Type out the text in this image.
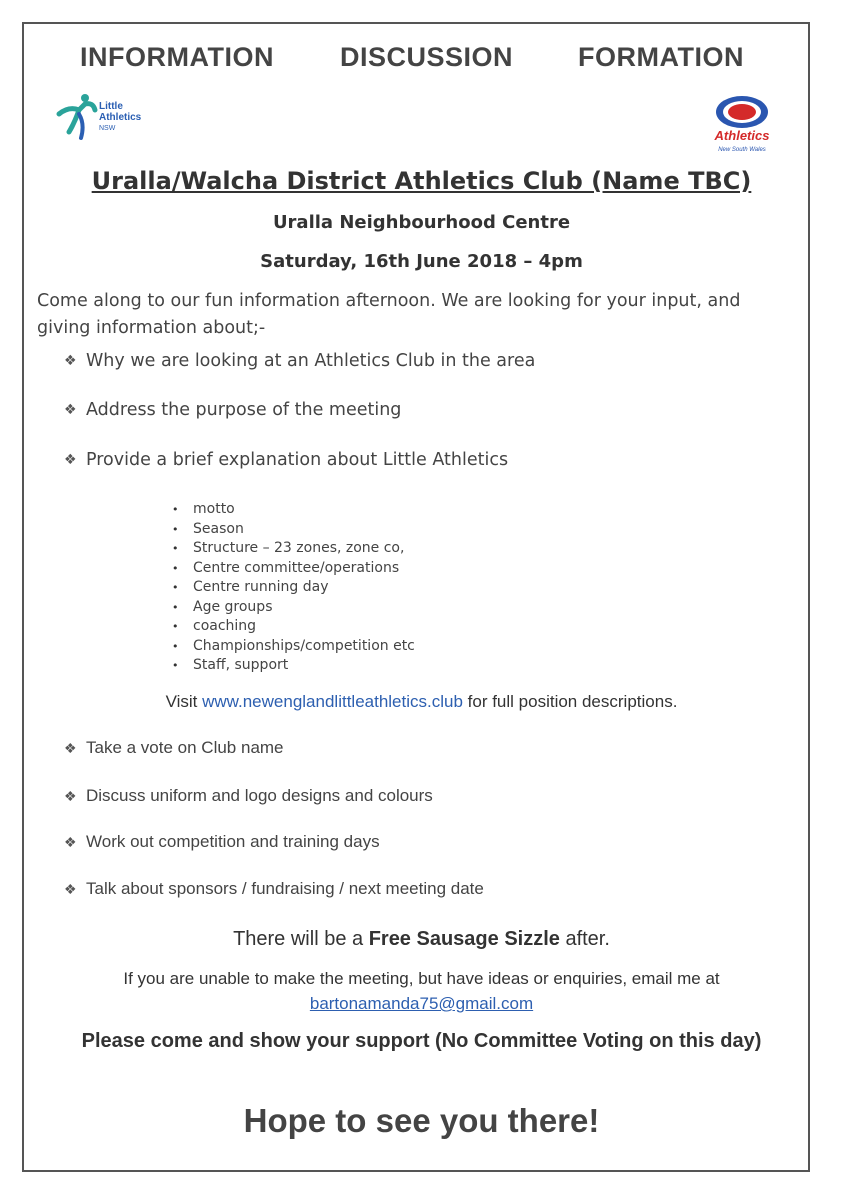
INFORMATION DISCUSSION FORMATION
Little
Athletics
NSW	Athletics
New South Wales
Uralla/Walcha District Athletics Club (Name TBC)
Uralla Neighbourhood Centre
Saturday, 16th June 2018 – 4pm
Come along to our fun information afternoon. We are looking for your input, and giving information about;-
❖ Why we are looking at an Athletics Club in the area
❖ Address the purpose of the meeting
❖ Provide a brief explanation about Little Athletics
•	motto
•	Season
•	Structure – 23 zones, zone co,
•	Centre committee/operations
•	Centre running day
•	Age groups
•	coaching
•	Championships/competition etc
•	Staff, support
Visit www.newenglandlittleathletics.club for full position descriptions.
❖ Take a vote on Club name
❖ Discuss uniform and logo designs and colours
❖ Work out competition and training days
❖ Talk about sponsors / fundraising / next meeting date
There will be a Free Sausage Sizzle after.
If you are unable to make the meeting, but have ideas or enquiries, email me at
bartonamanda75@gmail.com
Please come and show your support (No Committee Voting on this day)
Hope to see you there!
